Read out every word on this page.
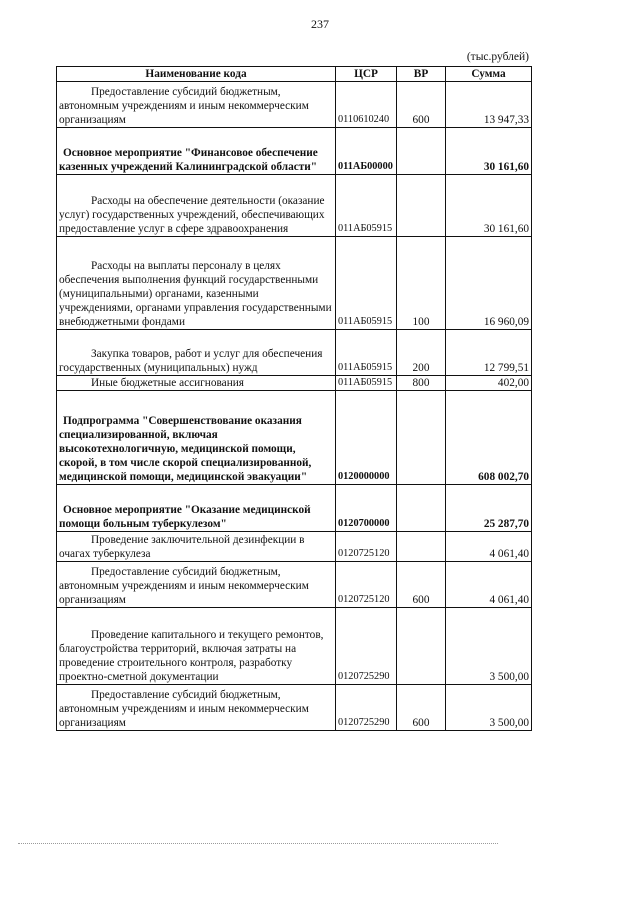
237
(тыс.рублей)
Наименование кода	ЦСР	ВР	Сумма
Предоставление субсидий бюджетным, автономным учреждениям и иным некоммерческим организациям	0110610240	600	13 947,33
Основное мероприятие "Финансовое обеспечение казенных учреждений Калининградской области"	011АБ00000		30 161,60
Расходы на обеспечение деятельности (оказание услуг) государственных учреждений, обеспечивающих предоставление услуг в сфере здравоохранения	011АБ05915		30 161,60
Расходы на выплаты персоналу в целях обеспечения выполнения функций государственными (муниципальными) органами, казенными учреждениями, органами управления государственными внебюджетными фондами	011АБ05915	100	16 960,09
Закупка товаров, работ и услуг для обеспечения государственных (муниципальных) нужд	011АБ05915	200	12 799,51
Иные бюджетные ассигнования	011АБ05915	800	402,00
Подпрограмма "Совершенствование оказания специализированной, включая высокотехнологичную, медицинской помощи, скорой, в том числе скорой специализированной, медицинской помощи, медицинской эвакуации"	0120000000		608 002,70
Основное мероприятие "Оказание медицинской помощи больным туберкулезом"	0120700000		25 287,70
Проведение заключительной дезинфекции в очагах туберкулеза	0120725120		4 061,40
Предоставление субсидий бюджетным, автономным учреждениям и иным некоммерческим организациям	0120725120	600	4 061,40
Проведение капитального и текущего ремонтов, благоустройства территорий, включая затраты на проведение строительного контроля, разработку проектно-сметной документации	0120725290		3 500,00
Предоставление субсидий бюджетным, автономным учреждениям и иным некоммерческим организациям	0120725290	600	3 500,00
